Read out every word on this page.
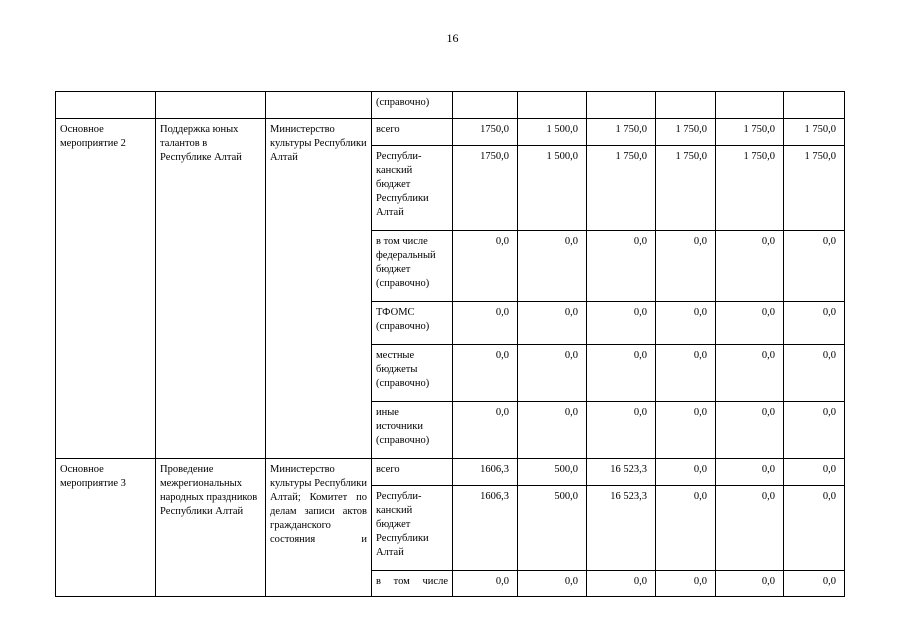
16
			(справочно)						
Основное мероприятие 2	Поддержка юных талантов в Республике Алтай	Министерство культуры Республики Алтай	всего	1750,0	1 500,0	1 750,0	1 750,0	1 750,0	1 750,0
			Республи-канский бюджет Республики Алтай	1750,0	1 500,0	1 750,0	1 750,0	1 750,0	1 750,0
			в том числе федеральный бюджет (справочно)	0,0	0,0	0,0	0,0	0,0	0,0
			ТФОМС (справочно)	0,0	0,0	0,0	0,0	0,0	0,0
			местные бюджеты (справочно)	0,0	0,0	0,0	0,0	0,0	0,0
			иные источники (справочно)	0,0	0,0	0,0	0,0	0,0	0,0
Основное мероприятие 3	Проведение межрегиональных народных праздников Республики Алтай	Министерство культуры Республики Алтай; Комитет по делам записи актов гражданского состояния и	всего	1606,3	500,0	16 523,3	0,0	0,0	0,0
			Республи-канский бюджет Республики Алтай	1606,3	500,0	16 523,3	0,0	0,0	0,0
			в том числе	0,0	0,0	0,0	0,0	0,0	0,0
